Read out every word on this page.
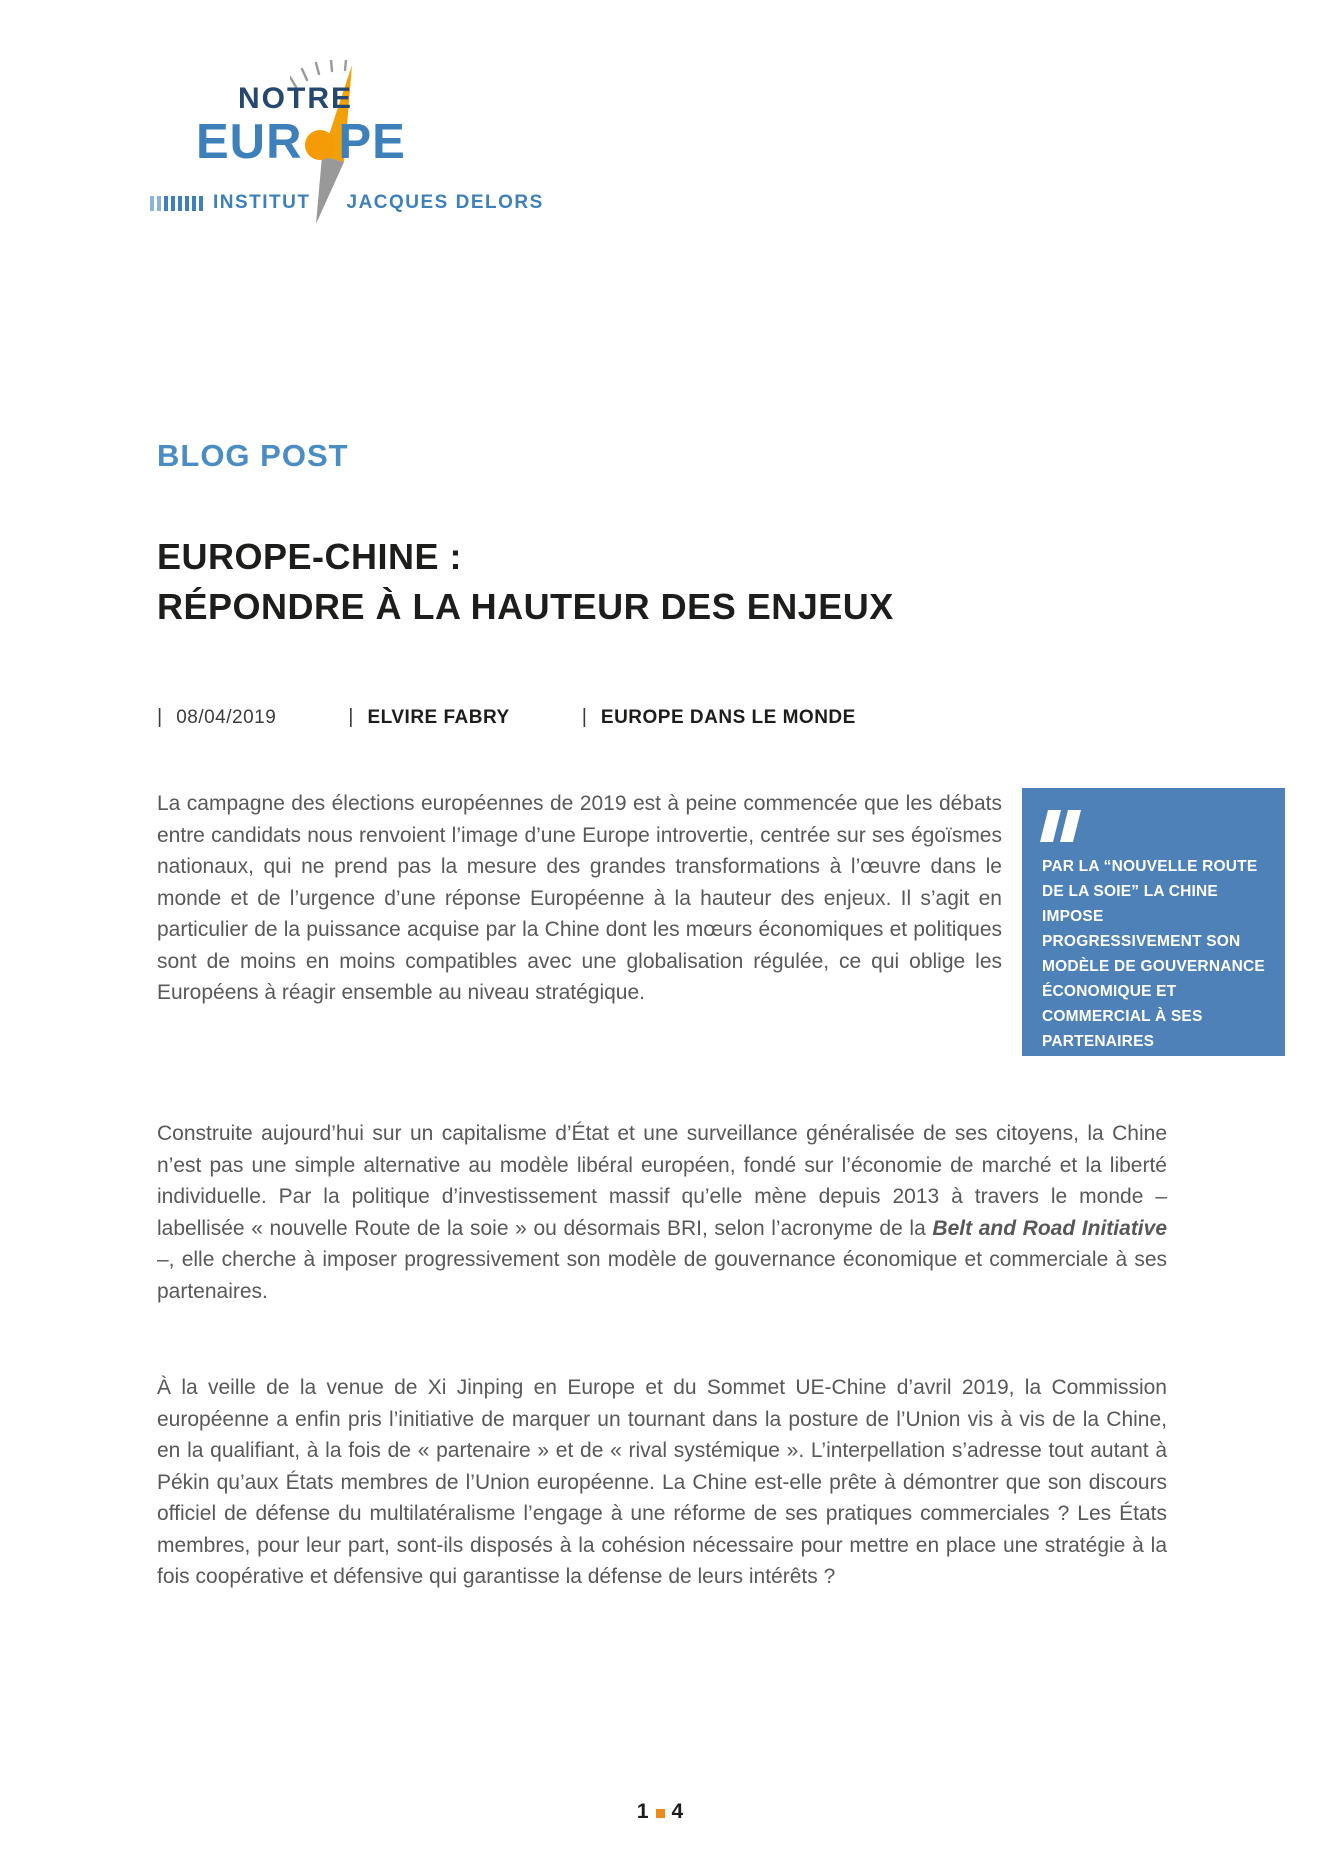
NOTRE
EUR PE
INSTITUT JACQUES DELORS
BLOG POST
EUROPE-CHINE :
RÉPONDRE À LA HAUTEUR DES ENJEUX
| 08/04/2019	| ELVIRE FABRY	| EUROPE DANS LE MONDE

La campagne des élections européennes de 2019 est à peine commencée que les débats entre candidats nous renvoient l’image d’une Europe introvertie, centrée sur ses égoïsmes nationaux, qui ne prend pas la mesure des grandes transformations à l’œuvre dans le monde et de l’urgence d’une réponse Européenne à la hauteur des enjeux. Il s’agit en particulier de la puissance acquise par la Chine dont les mœurs économiques et politiques sont de moins en moins compatibles avec une globalisation régulée, ce qui oblige les Européens à réagir ensemble au niveau stratégique.

PAR LA “NOUVELLE ROUTE DE LA SOIE” LA CHINE IMPOSE PROGRESSIVEMENT SON MODÈLE DE GOUVERNANCE ÉCONOMIQUE ET COMMERCIAL À SES PARTENAIRES

Construite aujourd’hui sur un capitalisme d’État et une surveillance généralisée de ses citoyens, la Chine n’est pas une simple alternative au modèle libéral européen, fondé sur l’économie de marché et la liberté individuelle. Par la politique d’investissement massif qu’elle mène depuis 2013 à travers le monde – labellisée « nouvelle Route de la soie » ou désormais BRI, selon l’acronyme de la Belt and Road Initiative –, elle cherche à imposer progressivement son modèle de gouvernance économique et commerciale à ses partenaires.

À la veille de la venue de Xi Jinping en Europe et du Sommet UE-Chine d’avril 2019, la Commission européenne a enfin pris l’initiative de marquer un tournant dans la posture de l’Union vis à vis de la Chine, en la qualifiant, à la fois de « partenaire » et de « rival systémique ». L’interpellation s’adresse tout autant à Pékin qu’aux États membres de l’Union européenne. La Chine est-elle prête à démontrer que son discours officiel de défense du multilatéralisme l’engage à une réforme de ses pratiques commerciales ? Les États membres, pour leur part, sont-ils disposés à la cohésion nécessaire pour mettre en place une stratégie à la fois coopérative et défensive qui garantisse la défense de leurs intérêts ?

1 4
